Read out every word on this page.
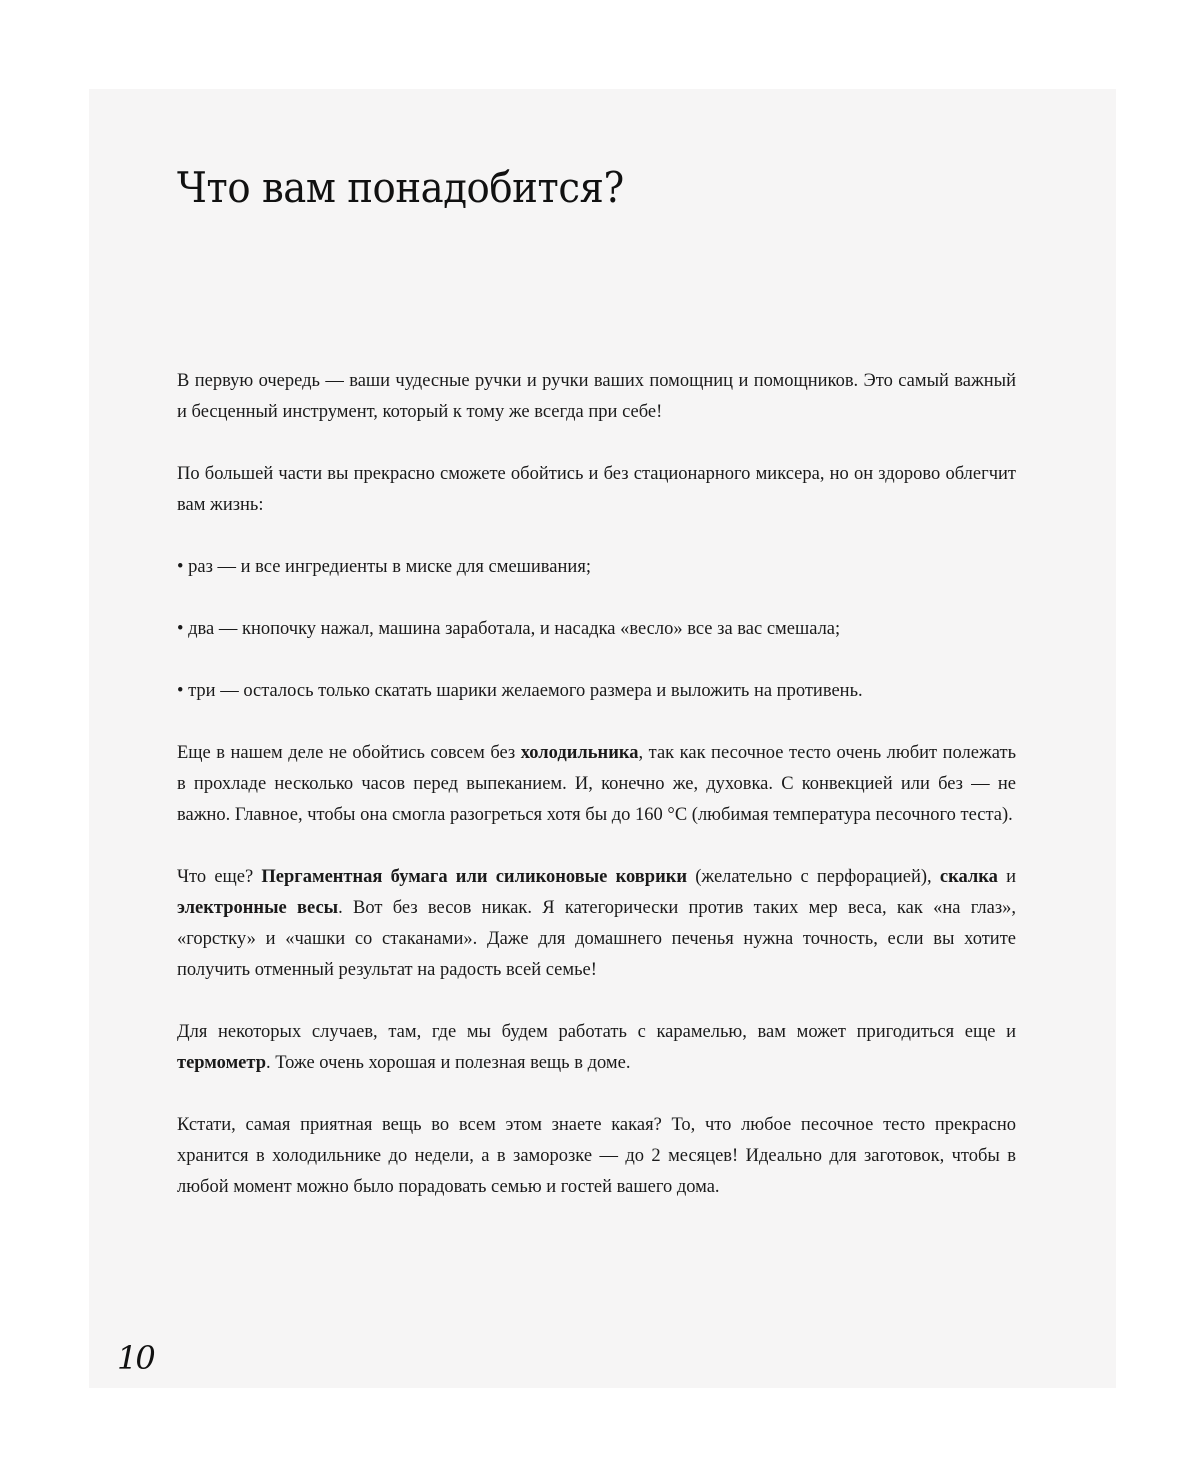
Что вам понадобится?

В первую очередь — ваши чудесные ручки и ручки ваших помощниц и помощников. Это самый важный и бесценный инструмент, который к тому же всегда при себе!

По большей части вы прекрасно сможете обойтись и без стационарного миксера, но он здорово облегчит вам жизнь:

• раз — и все ингредиенты в миске для смешивания;

• два — кнопочку нажал, машина заработала, и насадка «весло» все за вас смешала;

• три — осталось только скатать шарики желаемого размера и выложить на противень.

Еще в нашем деле не обойтись совсем без холодильника, так как песочное тесто очень любит полежать в прохладе несколько часов перед выпеканием. И, конечно же, духовка. С конвекцией или без — не важно. Главное, чтобы она смогла разогреться хотя бы до 160 °C (любимая температура песочного теста).

Что еще? Пергаментная бумага или силиконовые коврики (желательно с перфорацией), скалка и электронные весы. Вот без весов никак. Я категорически против таких мер веса, как «на глаз», «горстку» и «чашки со стаканами». Даже для домашнего печенья нужна точность, если вы хотите получить отменный результат на радость всей семье!

Для некоторых случаев, там, где мы будем работать с карамелью, вам может пригодиться еще и термометр. Тоже очень хорошая и полезная вещь в доме.

Кстати, самая приятная вещь во всем этом знаете какая? То, что любое песочное тесто прекрасно хранится в холодильнике до недели, а в заморозке — до 2 месяцев! Идеально для заготовок, чтобы в любой момент можно было порадовать семью и гостей вашего дома.

10
